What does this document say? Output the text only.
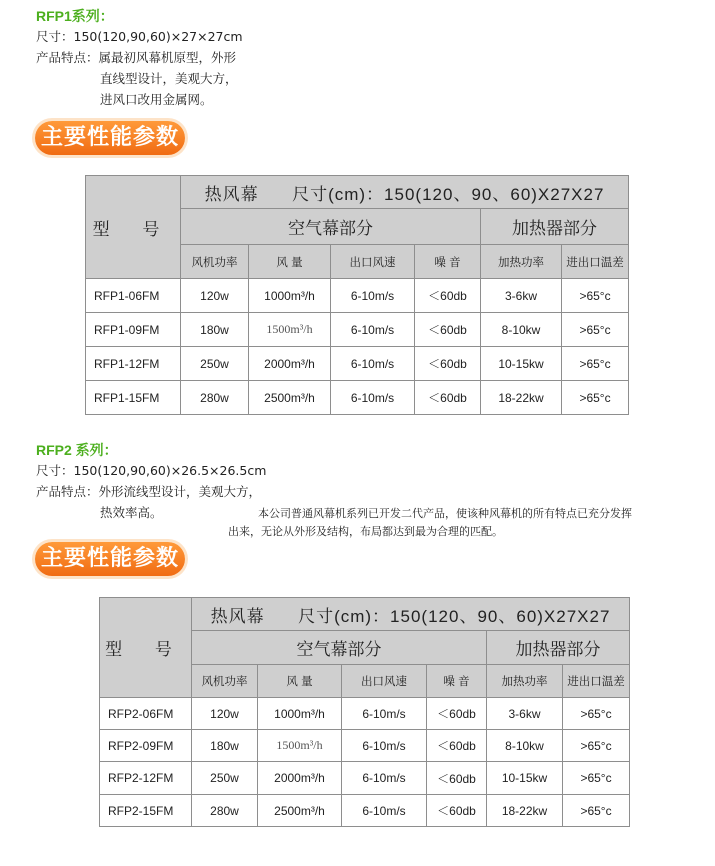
RFP1系列：
尺寸： 150(120,90,60)×27×27cm
产品特点： 属最初风幕机原型，外形
直线型设计，美观大方，
进风口改用金属网。
主要性能参数
型 号	热风幕 尺寸(cm)：150(120、90、60)X27X27					
	空气幕部分				加热器部分	
	风机功率	风 量	出口风速	噪 音	加热功率	进出口温差
RFP1-06FM	120w	1000m³/h	6-10m/s	＜60db	3-6kw	>65°c
RFP1-09FM	180w	1500m³/h	6-10m/s	＜60db	8-10kw	>65°c
RFP1-12FM	250w	2000m³/h	6-10m/s	＜60db	10-15kw	>65°c
RFP1-15FM	280w	2500m³/h	6-10m/s	＜60db	18-22kw	>65°c
RFP2 系列：
尺寸： 150(120,90,60)×26.5×26.5cm
产品特点： 外形流线型设计，美观大方，
热效率高。	本公司普通风幕机系列已开发二代产品，使该种风幕机的所有特点已充分发挥
出来，无论从外形及结构，布局都达到最为合理的匹配。
主要性能参数
型 号	热风幕 尺寸(cm)：150(120、90、60)X27X27					
	空气幕部分				加热器部分	
	风机功率	风 量	出口风速	噪 音	加热功率	进出口温差
RFP2-06FM	120w	1000m³/h	6-10m/s	＜60db	3-6kw	>65°c
RFP2-09FM	180w	1500m³/h	6-10m/s	＜60db	8-10kw	>65°c
RFP2-12FM	250w	2000m³/h	6-10m/s	＜60db	10-15kw	>65°c
RFP2-15FM	280w	2500m³/h	6-10m/s	＜60db	18-22kw	>65°c
